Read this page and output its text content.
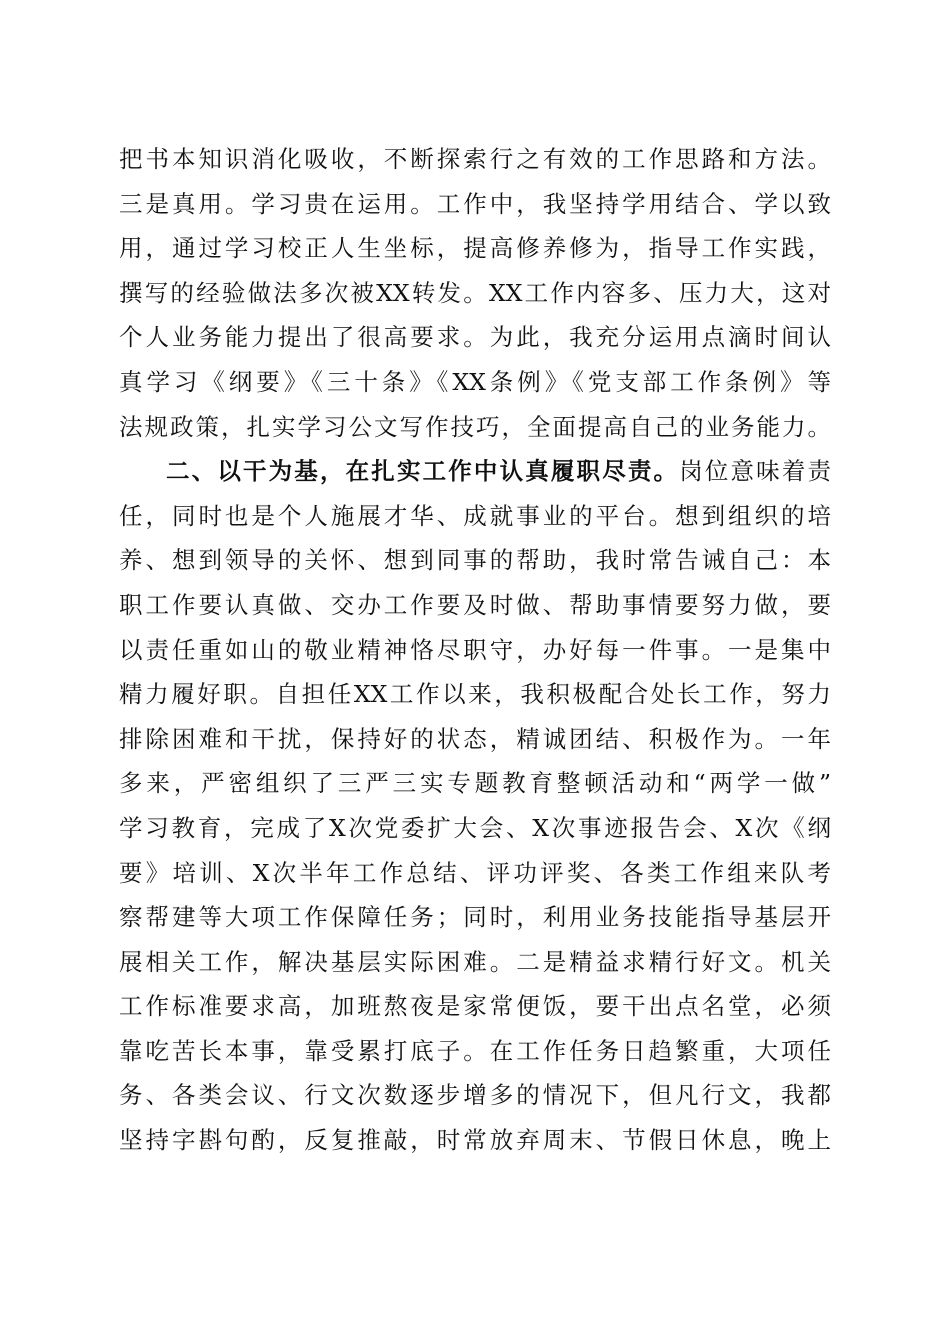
把书本知识消化吸收，不断探索行之有效的工作思路和方法。
三是真用。学习贵在运用。工作中，我坚持学用结合、学以致
用，通过学习校正人生坐标，提高修养修为，指导工作实践，
撰写的经验做法多次被XX转发。XX工作内容多、压力大，这对
个人业务能力提出了很高要求。为此，我充分运用点滴时间认
真学习《纲要》《三十条》《XX条例》《党支部工作条例》等
法规政策，扎实学习公文写作技巧，全面提高自己的业务能力。
二、以干为基，在扎实工作中认真履职尽责。岗位意味着责
任，同时也是个人施展才华、成就事业的平台。想到组织的培
养、想到领导的关怀、想到同事的帮助，我时常告诫自己：本
职工作要认真做、交办工作要及时做、帮助事情要努力做，要
以责任重如山的敬业精神恪尽职守，办好每一件事。一是集中
精力履好职。自担任XX工作以来，我积极配合处长工作，努力
排除困难和干扰，保持好的状态，精诚团结、积极作为。一年
多来，严密组织了三严三实专题教育整顿活动和“两学一做”
学习教育，完成了X次党委扩大会、X次事迹报告会、X次《纲
要》培训、X次半年工作总结、评功评奖、各类工作组来队考
察帮建等大项工作保障任务；同时，利用业务技能指导基层开
展相关工作，解决基层实际困难。二是精益求精行好文。机关
工作标准要求高，加班熬夜是家常便饭，要干出点名堂，必须
靠吃苦长本事，靠受累打底子。在工作任务日趋繁重，大项任
务、各类会议、行文次数逐步增多的情况下，但凡行文，我都
坚持字斟句酌，反复推敲，时常放弃周末、节假日休息，晚上
